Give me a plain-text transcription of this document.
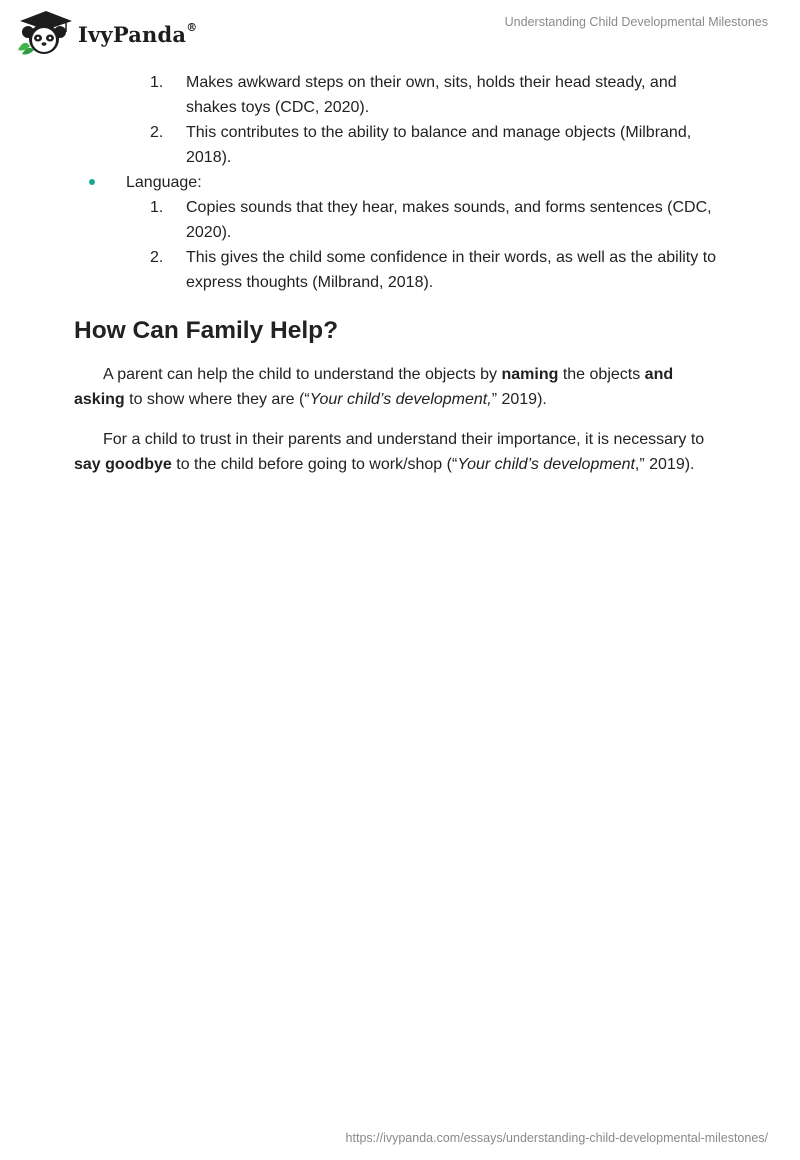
IvyPanda®	Understanding Child Developmental Milestones
1. Makes awkward steps on their own, sits, holds their head steady, and shakes toys (CDC, 2020).
2. This contributes to the ability to balance and manage objects (Milbrand, 2018).
Language:
1. Copies sounds that they hear, makes sounds, and forms sentences (CDC, 2020).
2. This gives the child some confidence in their words, as well as the ability to express thoughts (Milbrand, 2018).
How Can Family Help?

A parent can help the child to understand the objects by naming the objects and asking to show where they are (“Your child’s development,” 2019).

For a child to trust in their parents and understand their importance, it is necessary to say goodbye to the child before going to work/shop (“Your child’s development,” 2019).

https://ivypanda.com/essays/understanding-child-developmental-milestones/
